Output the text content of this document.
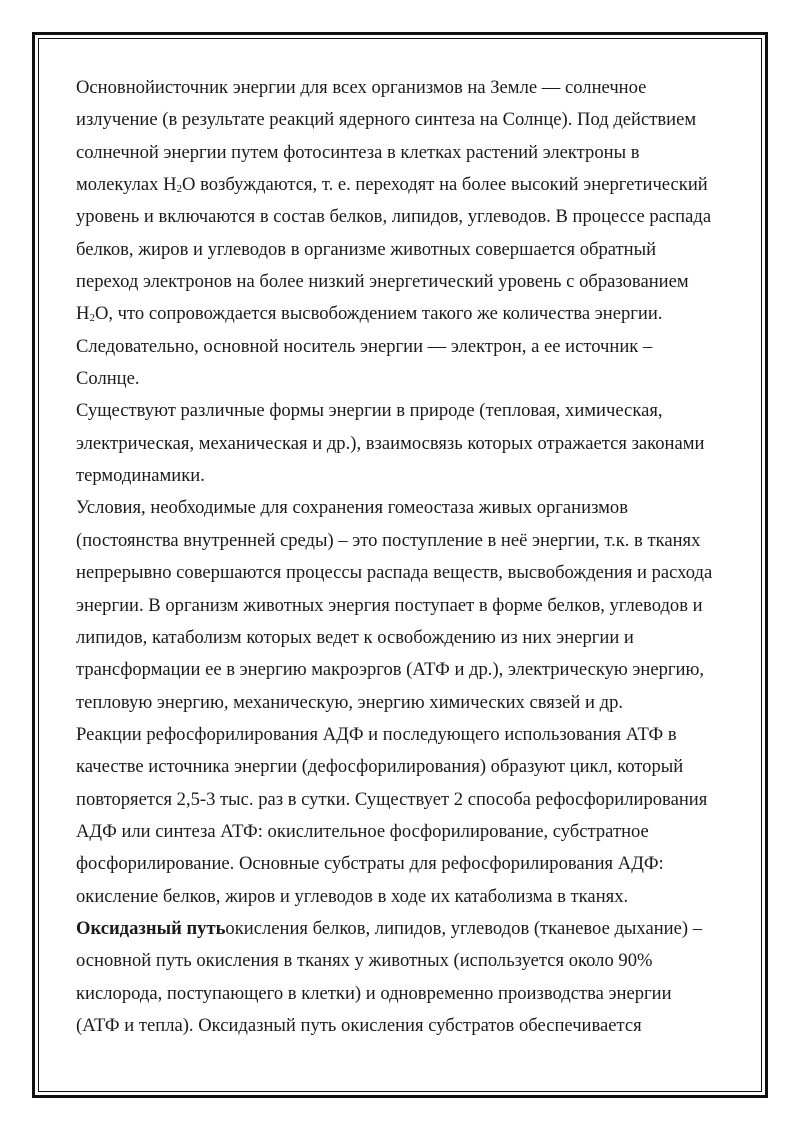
Основнойисточник энергии для всех организмов на Земле — солнечное
излучение (в результате реакций ядерного синтеза на Солнце). Под действием
солнечной энергии путем фотосинтеза в клетках растений электроны в
молекулах $Н_2О$ возбуждаются, т. е. переходят на более высокий энергетический
уровень и включаются в состав белков, липидов, углеводов. В процессе распада
белков, жиров и углеводов в организме животных совершается обратный
переход электронов на более низкий энергетический уровень с образованием
$Н_2О$, что сопровождается высвобождением такого же количества энергии.
Следовательно, основной носитель энергии — электрон, а ее источник –
Солнце.
Существуют различные формы энергии в природе (тепловая, химическая,
электрическая, механическая и др.), взаимосвязь которых отражается законами
термодинамики.
Условия, необходимые для сохранения гомеостаза живых организмов
(постоянства внутренней среды) – это поступление в неё энергии, т.к. в тканях
непрерывно совершаются процессы распада веществ, высвобождения и расхода
энергии. В организм животных энергия поступает в форме белков, углеводов и
липидов, катаболизм которых ведет к освобождению из них энергии и
трансформации ее в энергию макроэргов (АТФ и др.), электрическую энергию,
тепловую энергию, механическую, энергию химических связей и др.
Реакции рефосфорилирования АДФ и последующего использования АТФ в
качестве источника энергии (дефосфорилирования) образуют цикл, который
повторяется 2,5-3 тыс. раз в сутки. Существует 2 способа рефосфорилирования
АДФ или синтеза АТФ: окислительное фосфорилирование, субстратное
фосфорилирование. Основные субстраты для рефосфорилирования АДФ:
окисление белков, жиров и углеводов в ходе их катаболизма в тканях.
Оксидазный путьокисления белков, липидов, углеводов (тканевое дыхание) –
основной путь окисления в тканях у животных (используется около 90%
кислорода, поступающего в клетки) и одновременно производства энергии
(АТФ и тепла). Оксидазный путь окисления субстратов обеспечивается
